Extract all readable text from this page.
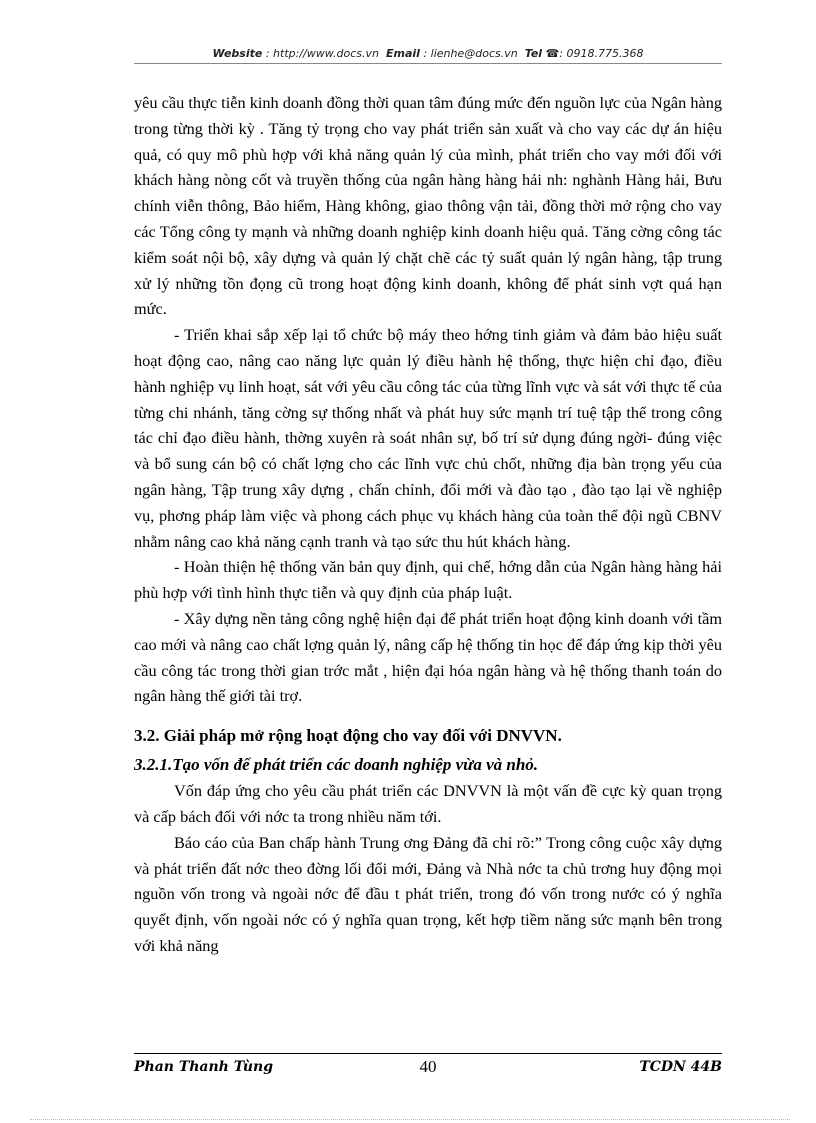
Website : http://www.docs.vn Email : lienhe@docs.vn Tel ☎: 0918.775.368

yêu cầu thực tiễn kinh doanh đồng thời quan tâm đúng mức đến nguồn lực của Ngân hàng trong từng thời kỳ . Tăng tỷ trọng cho vay phát triển sản xuất và cho vay các dự án hiệu quả, có quy mô phù hợp với khả năng quản lý của mình, phát triển cho vay mới đối với khách hàng nòng cốt và truyền thống của ngân hàng hàng hải nh: nghành Hàng hải, Bưu chính viễn thông, Bảo hiểm, Hàng không, giao thông vận tải, đồng thời mở rộng cho vay các Tổng công ty mạnh và những doanh nghiệp kinh doanh hiệu quả. Tăng cờng công tác kiểm soát nội bộ, xây dựng và quản lý chặt chẽ các tỷ suất quản lý ngân hàng, tập trung xử lý những tồn đọng cũ trong hoạt động kinh doanh, không để phát sinh vợt quá hạn mức.

- Triển khai sắp xếp lại tổ chức bộ máy theo hớng tinh giảm và đảm bảo hiệu suất hoạt động cao, nâng cao năng lực quản lý điều hành hệ thống, thực hiện chỉ đạo, điều hành nghiệp vụ linh hoạt, sát với yêu cầu công tác của từng lĩnh vực và sát với thực tế của từng chi nhánh, tăng cờng sự thống nhất và phát huy sức mạnh trí tuệ tập thể trong công tác chỉ đạo điều hành, thờng xuyên rà soát nhân sự, bố trí sử dụng đúng ngời- đúng việc và bổ sung cán bộ có chất lợng cho các lĩnh vực chủ chốt, những địa bàn trọng yếu của ngân hàng, Tập trung xây dựng , chấn chỉnh, đổi mới và đào tạo , đào tạo lại về nghiệp vụ, phơng pháp làm việc và phong cách phục vụ khách hàng của toàn thể đội ngũ CBNV nhằm nâng cao khả năng cạnh tranh và tạo sức thu hút khách hàng.

- Hoàn thiện hệ thống văn bản quy định, qui chế, hớng dẫn của Ngân hàng hàng hải phù hợp với tình hình thực tiễn và quy định của pháp luật.

- Xây dựng nền tảng công nghệ hiện đại để phát triển hoạt động kinh doanh với tầm cao mới và nâng cao chất lợng quản lý, nâng cấp hệ thống tin học để đáp ứng kịp thời yêu cầu công tác trong thời gian trớc mắt , hiện đại hóa ngân hàng và hệ thống thanh toán do ngân hàng thế giới tài trợ.

3.2. Giải pháp mở rộng hoạt động cho vay đối với DNVVN.

3.2.1.Tạo vốn để phát triển các doanh nghiệp vừa và nhỏ.

Vốn đáp ứng cho yêu cầu phát triển các DNVVN là một vấn đề cực kỳ quan trọng và cấp bách đối với nớc ta trong nhiều năm tới.

Báo cáo của Ban chấp hành Trung ơng Đảng đã chỉ rõ:” Trong công cuộc xây dựng và phát triển đất nớc theo đờng lối đổi mới, Đảng và Nhà nớc ta chủ trơng huy động mọi nguồn vốn trong và ngoài nớc để đầu t phát triển, trong đó vốn trong nước có ý nghĩa quyết định, vốn ngoài nớc có ý nghĩa quan trọng, kết hợp tiềm năng sức mạnh bên trong với khả năng

Phan Thanh Tùng	40	TCDN 44B
